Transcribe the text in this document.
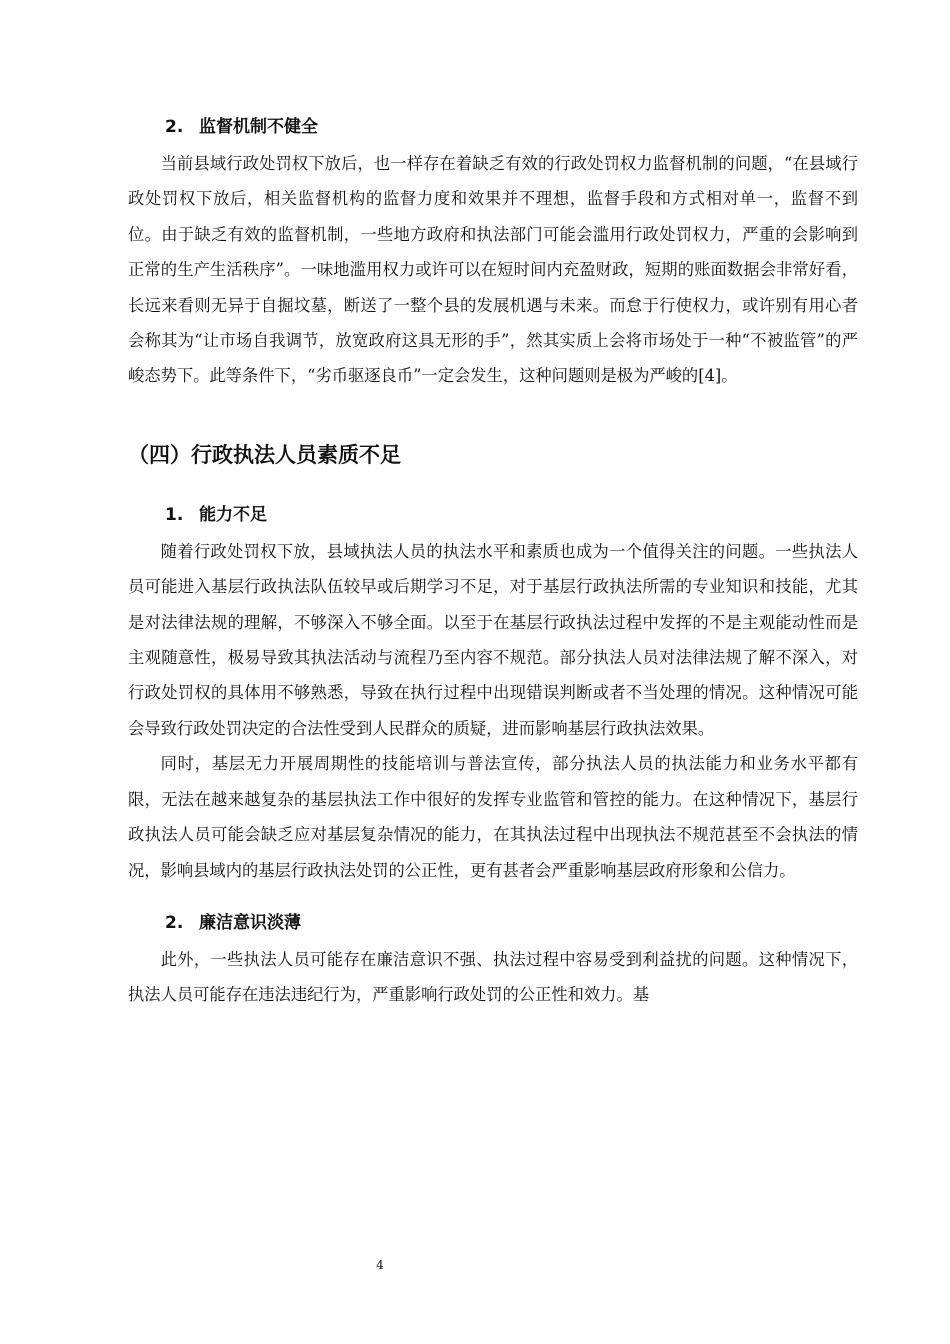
2. 监督机制不健全

当前县域行政处罚权下放后，也一样存在着缺乏有效的行政处罚权力监督机制的问题，“在县域行政处罚权下放后，相关监督机构的监督力度和效果并不理想，监督手段和方式相对单一，监督不到位。由于缺乏有效的监督机制，一些地方政府和执法部门可能会滥用行政处罚权力，严重的会影响到正常的生产生活秩序”。一味地滥用权力或许可以在短时间内充盈财政，短期的账面数据会非常好看，长远来看则无异于自掘坟墓，断送了一整个县的发展机遇与未来。而怠于行使权力，或许别有用心者会称其为“让市场自我调节，放宽政府这具无形的手”，然其实质上会将市场处于一种“不被监管”的严峻态势下。此等条件下，“劣币驱逐良币”一定会发生，这种问题则是极为严峻的[4]。

（四）行政执法人员素质不足
1. 能力不足

随着行政处罚权下放，县域执法人员的执法水平和素质也成为一个值得关注的问题。一些执法人员可能进入基层行政执法队伍较早或后期学习不足，对于基层行政执法所需的专业知识和技能，尤其是对法律法规的理解，不够深入不够全面。以至于在基层行政执法过程中发挥的不是主观能动性而是主观随意性，极易导致其执法活动与流程乃至内容不规范。部分执法人员对法律法规了解不深入，对行政处罚权的具体用不够熟悉，导致在执行过程中出现错误判断或者不当处理的情况。这种情况可能会导致行政处罚决定的合法性受到人民群众的质疑，进而影响基层行政执法效果。

同时，基层无力开展周期性的技能培训与普法宣传，部分执法人员的执法能力和业务水平都有限，无法在越来越复杂的基层执法工作中很好的发挥专业监管和管控的能力。在这种情况下，基层行政执法人员可能会缺乏应对基层复杂情况的能力，在其执法过程中出现执法不规范甚至不会执法的情况，影响县域内的基层行政执法处罚的公正性，更有甚者会严重影响基层政府形象和公信力。

2. 廉洁意识淡薄

此外，一些执法人员可能存在廉洁意识不强、执法过程中容易受到利益扰的问题。这种情况下，执法人员可能存在违法违纪行为，严重影响行政处罚的公正性和效力。基

4
